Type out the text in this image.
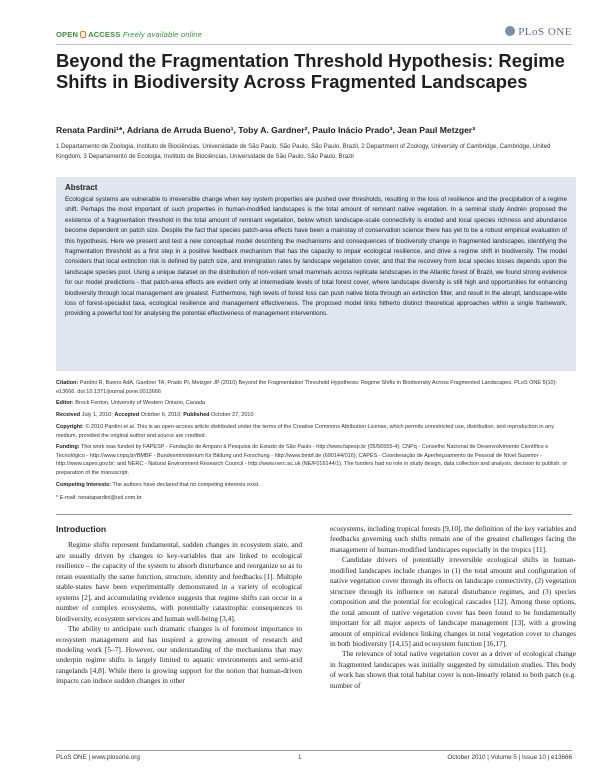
OPEN ACCESS Freely available online	PLoS ONE
Beyond the Fragmentation Threshold Hypothesis: Regime Shifts in Biodiversity Across Fragmented Landscapes
Renata Pardini¹*, Adriana de Arruda Bueno¹, Toby A. Gardner², Paulo Inácio Prado³, Jean Paul Metzger³
1 Departamento de Zoologia, Instituto de Biociências, Universidade de São Paulo, São Paulo, São Paulo, Brazil, 2 Department of Zoology, University of Cambridge, Cambridge, United Kingdom, 3 Departamento de Ecologia, Instituto de Biociências, Universidade de São Paulo, São Paulo, Brazil
Abstract

Ecological systems are vulnerable to irreversible change when key system properties are pushed over thresholds, resulting in the loss of resilience and the precipitation of a regime shift. Perhaps the most important of such properties in human-modified landscapes is the total amount of remnant native vegetation. In a seminal study Andrén proposed the existence of a fragmentation threshold in the total amount of remnant vegetation, below which landscape-scale connectivity is eroded and local species richness and abundance become dependent on patch size. Despite the fact that species patch-area effects have been a mainstay of conservation science there has yet to be a robust empirical evaluation of this hypothesis. Here we present and test a new conceptual model describing the mechanisms and consequences of biodiversity change in fragmented landscapes, identifying the fragmentation threshold as a first step in a positive feedback mechanism that has the capacity to impair ecological resilience, and drive a regime shift in biodiversity. The model considers that local extinction risk is defined by patch size, and immigration rates by landscape vegetation cover, and that the recovery from local species losses depends upon the landscape species pool. Using a unique dataset on the distribution of non-volant small mammals across replicate landscapes in the Atlantic forest of Brazil, we found strong evidence for our model predictions - that patch-area effects are evident only at intermediate levels of total forest cover, where landscape diversity is still high and opportunities for enhancing biodiversity through local management are greatest. Furthermore, high levels of forest loss can push native biota through an extinction filter, and result in the abrupt, landscape-wide loss of forest-specialist taxa, ecological resilience and management effectiveness. The proposed model links hitherto distinct theoretical approaches within a single framework, providing a powerful tool for analysing the potential effectiveness of management interventions.

Citation: Pardini R, Bueno AdA, Gardner TA, Prado PI, Metzger JP (2010) Beyond the Fragmentation Threshold Hypothesis: Regime Shifts in Biodiversity Across Fragmented Landscapes. PLoS ONE 5(10): e13666. doi:10.1371/journal.pone.0013666

Editor: Brock Fenton, University of Western Ontario, Canada

Received July 1, 2010; Accepted October 6, 2010; Published October 27, 2010

Copyright: © 2010 Pardini et al. This is an open-access article distributed under the terms of the Creative Commons Attribution License, which permits unrestricted use, distribution, and reproduction in any medium, provided the original author and source are credited.

Funding: This work was funded by FAPESP - Fundação de Amparo à Pesquisa do Estado de São Paulo - http://www.fapesp.br (05/56555-4); CNPq - Conselho Nacional de Desenvolvimento Científico e Tecnológico - http://www.cnpq.br/BMBF - Bundesministerium für Bildung und Forschung - http://www.bmbf.de (690144/016); CAPES - Coordenação de Aperfeiçoamento de Pessoal de Nível Superior - http://www.capes.gov.br; and NERC - Natural Environment Research Council - http://www.nerc.ac.uk (NE/F016144/1). The funders had no role in study design, data collection and analysis, decision to publish, or preparation of the manuscript.

Competing Interests: The authors have declared that no competing interests exist.

* E-mail: renatapardini@uol.com.br

Introduction

Regime shifts represent fundamental, sudden changes in ecosystem state, and are usually driven by changes to key-variables that are linked to ecological resilience – the capacity of the system to absorb disturbance and reorganize so as to retain essentially the same function, structure, identity and feedbacks [1]. Multiple stable-states have been experimentally demonstrated in a variety of ecological systems [2], and accumulating evidence suggests that regime shifts can occur in a number of complex ecosystems, with potentially catastrophic consequences to biodiversity, ecosystem services and human well-being [3,4].

The ability to anticipate such dramatic changes is of foremost importance to ecosystem management and has inspired a growing amount of research and modeling work [5–7]. However, our understanding of the mechanisms that may underpin regime shifts is largely limited to aquatic environments and semi-arid rangelands [4,8]. While there is growing support for the notion that human-driven impacts can induce sudden changes in other

ecosystems, including tropical forests [9,10], the definition of the key variables and feedbacks governing such shifts remain one of the greatest challenges facing the management of human-modified landscapes especially in the tropics [11].

Candidate drivers of potentially irreversible ecological shifts in human-modified landscapes include changes in (1) the total amount and configuration of native vegetation cover through its effects on landscape connectivity, (2) vegetation structure through its influence on natural disturbance regimes, and (3) species composition and the potential for ecological cascades [12]. Among these options, the total amount of native vegetation cover has been found to be fundamentally important for all major aspects of landscape management [13], with a growing amount of empirical evidence linking changes in total vegetation cover to changes in both biodiversity [14,15] and ecosystem function [16,17].

The relevance of total native vegetation cover as a driver of ecological change in fragmented landscapes was initially suggested by simulation studies. This body of work has shown that total habitat cover is non-linearly related to both patch (e.g. number of

PLoS ONE | www.plosone.org	1	October 2010 | Volume 5 | Issue 10 | e13666
